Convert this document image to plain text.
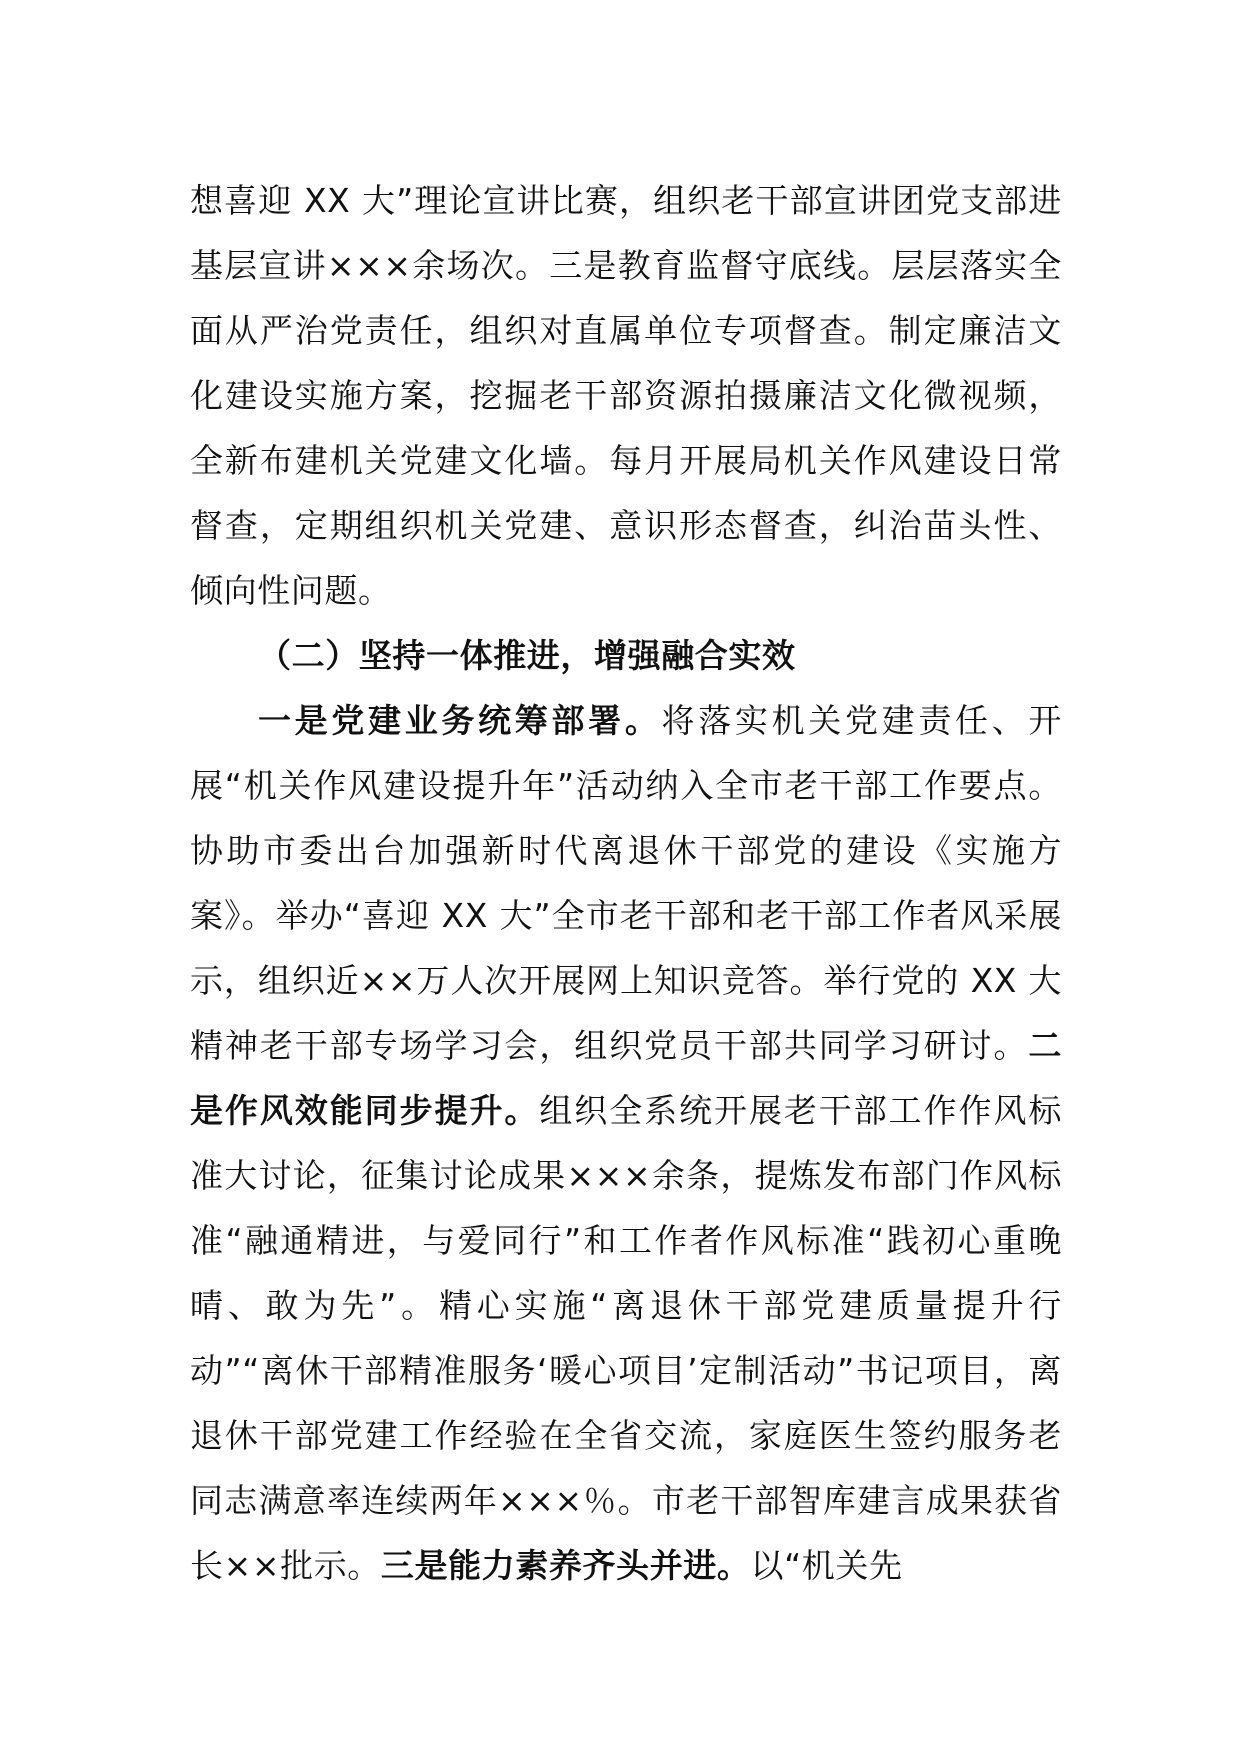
想喜迎 XX 大”理论宣讲比赛，组织老干部宣讲团党支部进基层宣讲×××余场次。三是教育监督守底线。层层落实全面从严治党责任，组织对直属单位专项督查。制定廉洁文化建设实施方案，挖掘老干部资源拍摄廉洁文化微视频，全新布建机关党建文化墙。每月开展局机关作风建设日常督查，定期组织机关党建、意识形态督查，纠治苗头性、倾向性问题。

（二）坚持一体推进，增强融合实效

一是党建业务统筹部署。将落实机关党建责任、开展“机关作风建设提升年”活动纳入全市老干部工作要点。协助市委出台加强新时代离退休干部党的建设《实施方案》。举办“喜迎 XX 大”全市老干部和老干部工作者风采展示，组织近××万人次开展网上知识竞答。举行党的 XX 大精神老干部专场学习会，组织党员干部共同学习研讨。二是作风效能同步提升。组织全系统开展老干部工作作风标准大讨论，征集讨论成果×××余条，提炼发布部门作风标准“融通精进，与爱同行”和工作者作风标准“践初心重晚晴、敢为先”。精心实施“离退休干部党建质量提升行动”“离休干部精准服务‘暖心项目’定制活动”书记项目，离退休干部党建工作经验在全省交流，家庭医生签约服务老同志满意率连续两年×××％。市老干部智库建言成果获省长××批示。三是能力素养齐头并进。以“机关先
